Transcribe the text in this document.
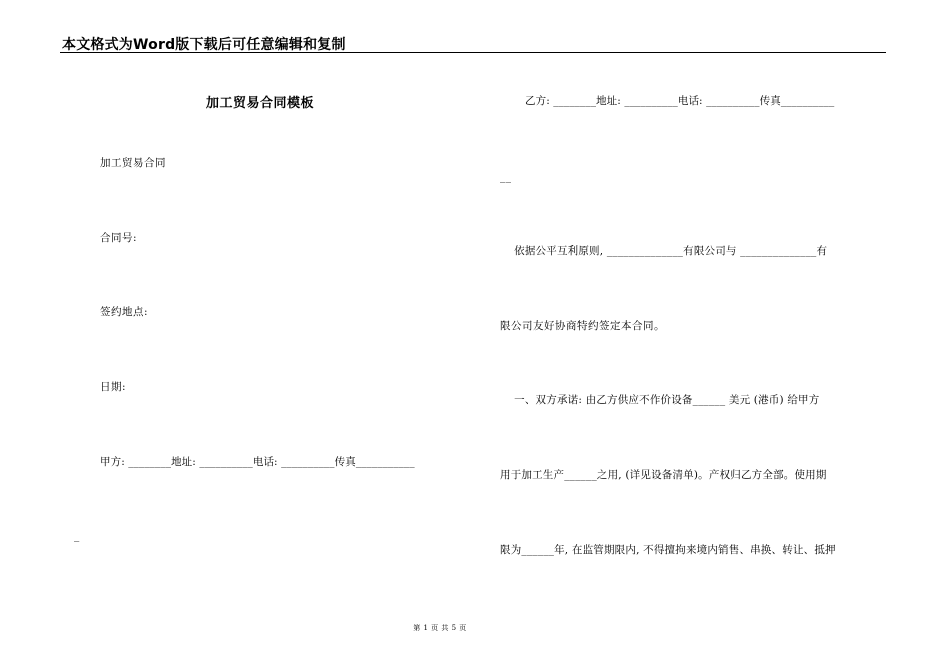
本文格式为Word版下载后可任意编辑和复制
加工贸易合同模板
加工贸易合同
合同号:
签约地点:
日期:
甲方: ________地址: __________电话: __________传真___________
_
乙方: ________地址: __________电话: __________传真__________
__
依据公平互利原则, ______________有限公司与 ______________有
限公司友好协商特约签定本合同。
一、双方承诺: 由乙方供应不作价设备______ 美元 (港币) 给甲方
用于加工生产______之用, (详见设备清单)。产权归乙方全部。使用期
限为______年, 在监管期限内, 不得擅拘来境内销售、串换、转让、抵押
第 1 页 共 5 页
